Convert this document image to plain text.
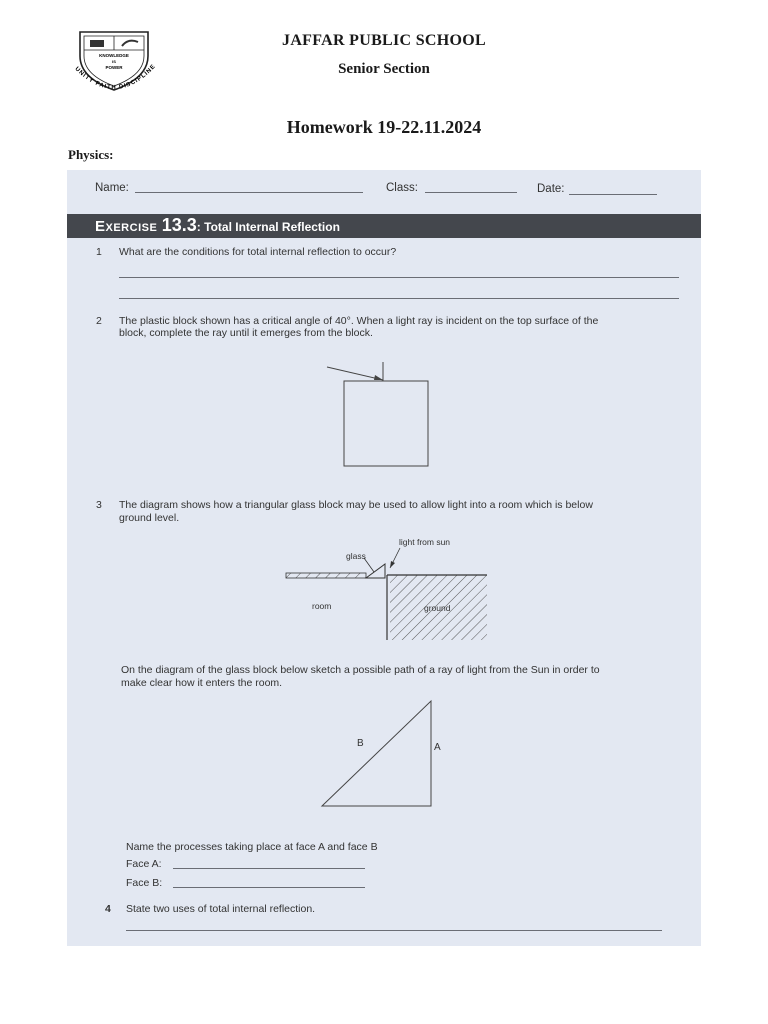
KNOWLEDGE
IS
POWER
UNITY FAITH DISCIPLINE
JAFFAR PUBLIC SCHOOL
Senior Section
Homework 19-22.11.2024
Physics:
Name:	Class:	Date:
Exercise 13.3: Total Internal Reflection
1 What are the conditions for total internal reflection to occur?
2 The plastic block shown has a critical angle of 40°. When a light ray is incident on the top surface of the
block, complete the ray until it emerges from the block.
3 The diagram shows how a triangular glass block may be used to allow light into a room which is below
ground level.
glass
light from sun
room	ground
On the diagram of the glass block below sketch a possible path of a ray of light from the Sun in order to
make clear how it enters the room.
B	A
Name the processes taking place at face A and face B
Face A:
Face B:
4 State two uses of total internal reflection.
